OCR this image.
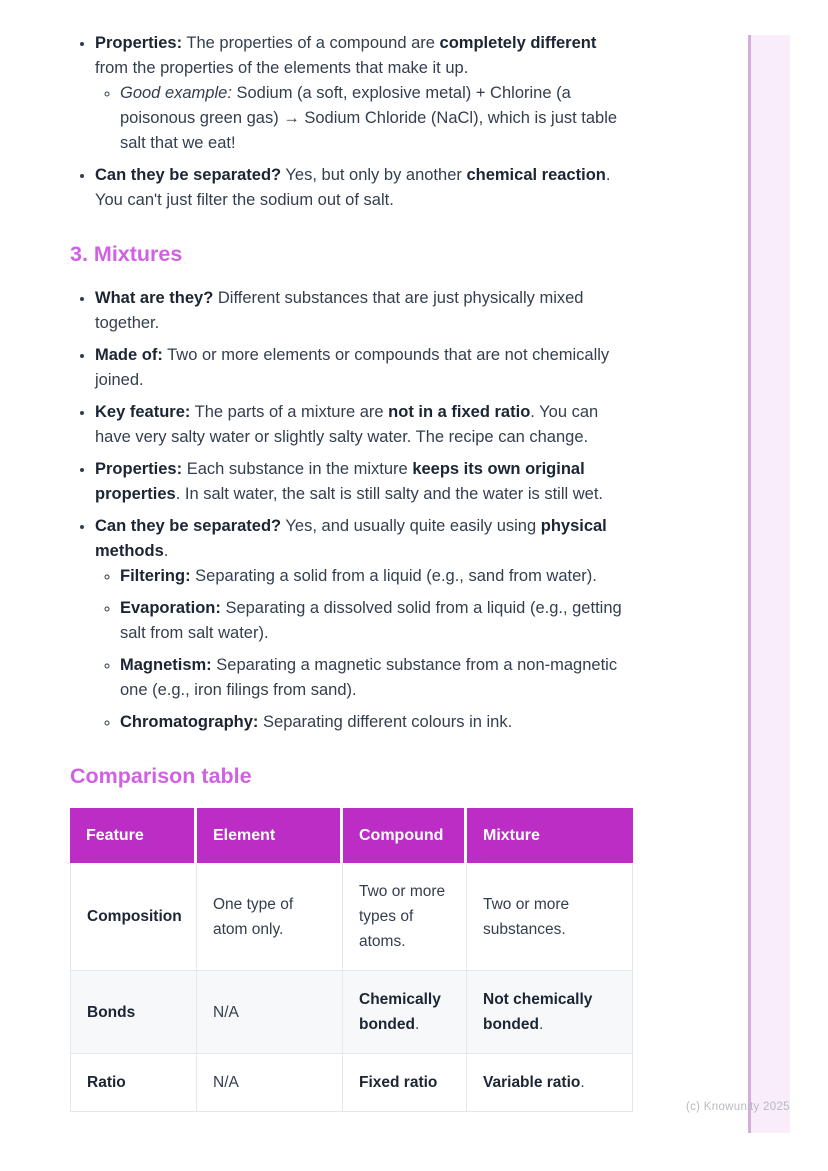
• Properties: The properties of a compound are completely different from the properties of the elements that make it up.
◦ Good example: Sodium (a soft, explosive metal) + Chlorine (a poisonous green gas) → Sodium Chloride (NaCl), which is just table salt that we eat!
• Can they be separated? Yes, but only by another chemical reaction. You can't just filter the sodium out of salt.
3. Mixtures
• What are they? Different substances that are just physically mixed together.
• Made of: Two or more elements or compounds that are not chemically joined.
• Key feature: The parts of a mixture are not in a fixed ratio. You can have very salty water or slightly salty water. The recipe can change.
• Properties: Each substance in the mixture keeps its own original properties. In salt water, the salt is still salty and the water is still wet.
• Can they be separated? Yes, and usually quite easily using physical methods.
◦ Filtering: Separating a solid from a liquid (e.g., sand from water).
◦ Evaporation: Separating a dissolved solid from a liquid (e.g., getting salt from salt water).
◦ Magnetism: Separating a magnetic substance from a non-magnetic one (e.g., iron filings from sand).
◦ Chromatography: Separating different colours in ink.
Comparison table
Feature	Element	Compound	Mixture
Composition	One type of atom only.	Two or more types of atoms.	Two or more substances.
Bonds	N/A	Chemically bonded.	Not chemically bonded.
Ratio	N/A	Fixed ratio	Variable ratio.
(c) Knowunity 2025
